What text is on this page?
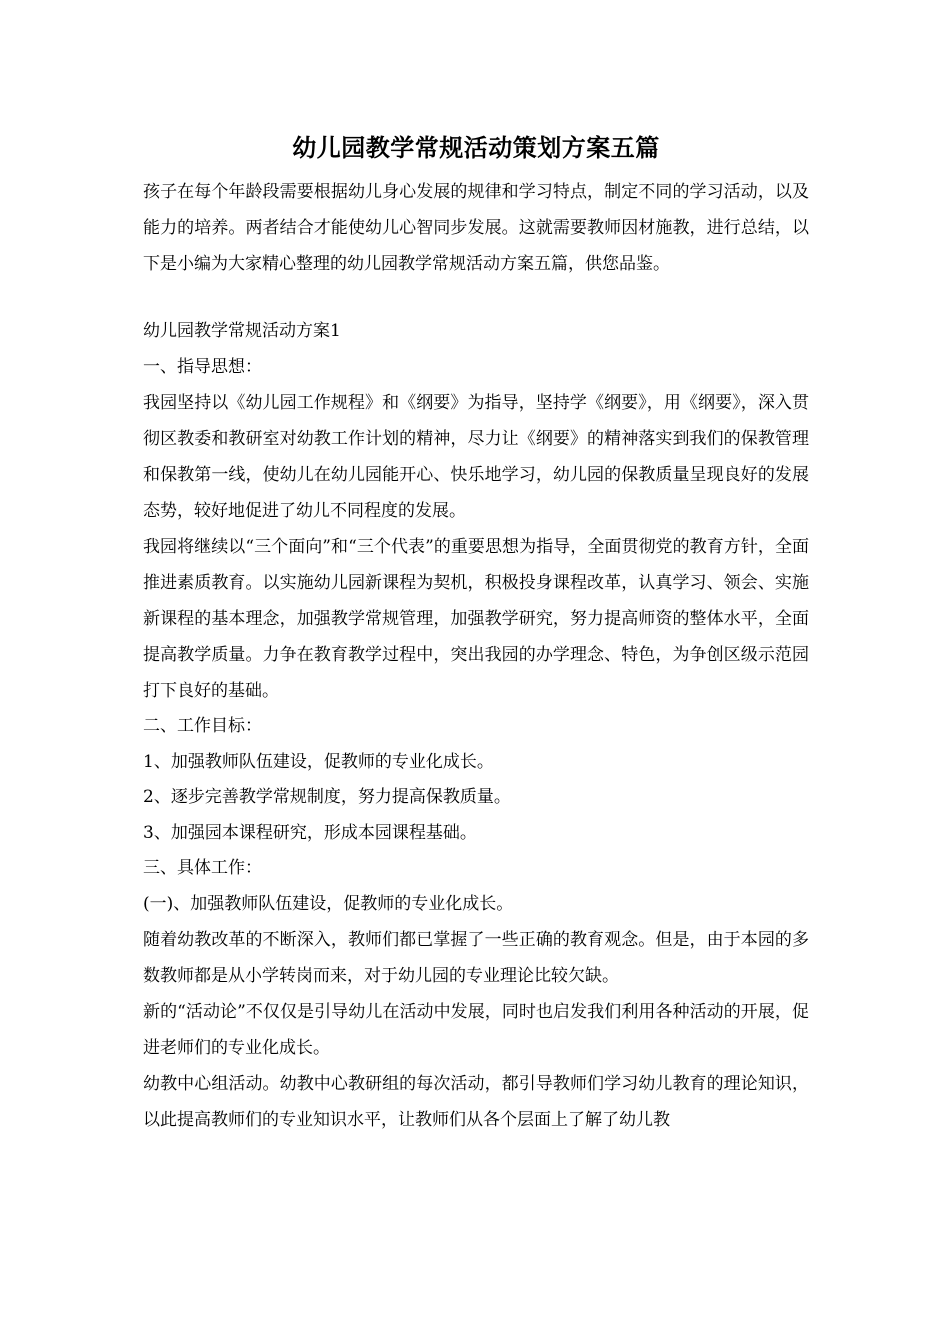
幼儿园教学常规活动策划方案五篇

孩子在每个年龄段需要根据幼儿身心发展的规律和学习特点，制定不同的学习活动，以及能力的培养。两者结合才能使幼儿心智同步发展。这就需要教师因材施教，进行总结，以下是小编为大家精心整理的幼儿园教学常规活动方案五篇，供您品鉴。

幼儿园教学常规活动方案1

一、指导思想：

我园坚持以《幼儿园工作规程》和《纲要》为指导，坚持学《纲要》，用《纲要》，深入贯彻区教委和教研室对幼教工作计划的精神，尽力让《纲要》的精神落实到我们的保教管理和保教第一线，使幼儿在幼儿园能开心、快乐地学习，幼儿园的保教质量呈现良好的发展态势，较好地促进了幼儿不同程度的发展。

我园将继续以“三个面向”和“三个代表”的重要思想为指导，全面贯彻党的教育方针，全面推进素质教育。以实施幼儿园新课程为契机，积极投身课程改革，认真学习、领会、实施新课程的基本理念，加强教学常规管理，加强教学研究，努力提高师资的整体水平，全面提高教学质量。力争在教育教学过程中，突出我园的办学理念、特色，为争创区级示范园打下良好的基础。

二、工作目标：

1、加强教师队伍建设，促教师的专业化成长。

2、逐步完善教学常规制度，努力提高保教质量。

3、加强园本课程研究，形成本园课程基础。

三、具体工作：

(一)、加强教师队伍建设，促教师的专业化成长。

随着幼教改革的不断深入，教师们都已掌握了一些正确的教育观念。但是，由于本园的多数教师都是从小学转岗而来，对于幼儿园的专业理论比较欠缺。

新的“活动论”不仅仅是引导幼儿在活动中发展，同时也启发我们利用各种活动的开展，促进老师们的专业化成长。

幼教中心组活动。幼教中心教研组的每次活动，都引导教师们学习幼儿教育的理论知识，以此提高教师们的专业知识水平，让教师们从各个层面上了解了幼儿教
